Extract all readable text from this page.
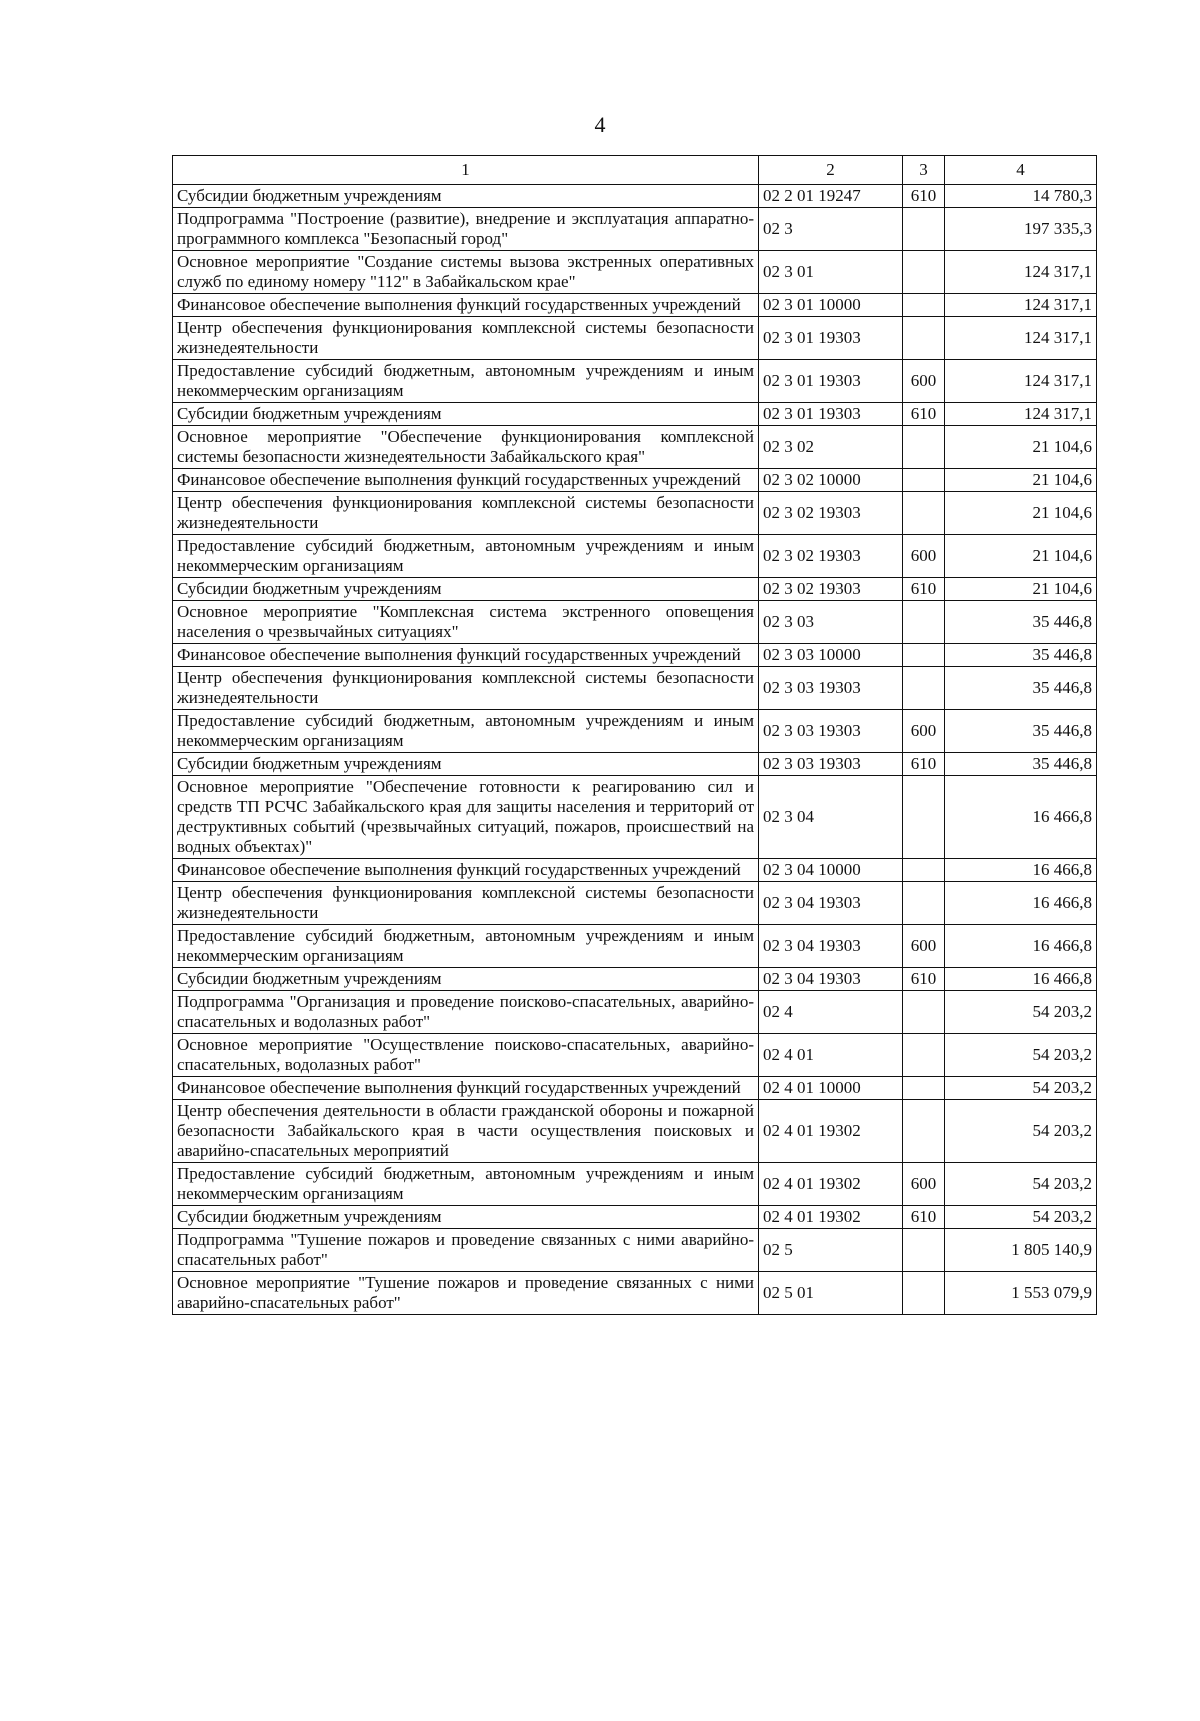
4
1	2	3	4
Субсидии бюджетным учреждениям	02 2 01 19247	610	14 780,3
Подпрограмма "Построение (развитие), внедрение и эксплуатация аппаратно-программного комплекса "Безопасный город"	02 3		197 335,3
Основное мероприятие "Создание системы вызова экстренных оперативных служб по единому номеру "112" в Забайкальском крае"	02 3 01		124 317,1
Финансовое обеспечение выполнения функций государственных учреждений	02 3 01 10000		124 317,1
Центр обеспечения функционирования комплексной системы безопасности жизнедеятельности	02 3 01 19303		124 317,1
Предоставление субсидий бюджетным, автономным учреждениям и иным некоммерческим организациям	02 3 01 19303	600	124 317,1
Субсидии бюджетным учреждениям	02 3 01 19303	610	124 317,1
Основное мероприятие "Обеспечение функционирования комплексной системы безопасности жизнедеятельности Забайкальского края"	02 3 02		21 104,6
Финансовое обеспечение выполнения функций государственных учреждений	02 3 02 10000		21 104,6
Центр обеспечения функционирования комплексной системы безопасности жизнедеятельности	02 3 02 19303		21 104,6
Предоставление субсидий бюджетным, автономным учреждениям и иным некоммерческим организациям	02 3 02 19303	600	21 104,6
Субсидии бюджетным учреждениям	02 3 02 19303	610	21 104,6
Основное мероприятие "Комплексная система экстренного оповещения населения о чрезвычайных ситуациях"	02 3 03		35 446,8
Финансовое обеспечение выполнения функций государственных учреждений	02 3 03 10000		35 446,8
Центр обеспечения функционирования комплексной системы безопасности жизнедеятельности	02 3 03 19303		35 446,8
Предоставление субсидий бюджетным, автономным учреждениям и иным некоммерческим организациям	02 3 03 19303	600	35 446,8
Субсидии бюджетным учреждениям	02 3 03 19303	610	35 446,8
Основное мероприятие "Обеспечение готовности к реагированию сил и средств ТП РСЧС Забайкальского края для защиты населения и территорий от деструктивных событий (чрезвычайных ситуаций, пожаров, происшествий на водных объектах)"	02 3 04		16 466,8
Финансовое обеспечение выполнения функций государственных учреждений	02 3 04 10000		16 466,8
Центр обеспечения функционирования комплексной системы безопасности жизнедеятельности	02 3 04 19303		16 466,8
Предоставление субсидий бюджетным, автономным учреждениям и иным некоммерческим организациям	02 3 04 19303	600	16 466,8
Субсидии бюджетным учреждениям	02 3 04 19303	610	16 466,8
Подпрограмма "Организация и проведение поисково-спасательных, аварийно-спасательных и водолазных работ"	02 4		54 203,2
Основное мероприятие "Осуществление поисково-спасательных, аварийно-спасательных, водолазных работ"	02 4 01		54 203,2
Финансовое обеспечение выполнения функций государственных учреждений	02 4 01 10000		54 203,2
Центр обеспечения деятельности в области гражданской обороны и пожарной безопасности Забайкальского края в части осуществления поисковых и аварийно-спасательных мероприятий	02 4 01 19302		54 203,2
Предоставление субсидий бюджетным, автономным учреждениям и иным некоммерческим организациям	02 4 01 19302	600	54 203,2
Субсидии бюджетным учреждениям	02 4 01 19302	610	54 203,2
Подпрограмма "Тушение пожаров и проведение связанных с ними аварийно-спасательных работ"	02 5		1 805 140,9
Основное мероприятие "Тушение пожаров и проведение связанных с ними аварийно-спасательных работ"	02 5 01		1 553 079,9
